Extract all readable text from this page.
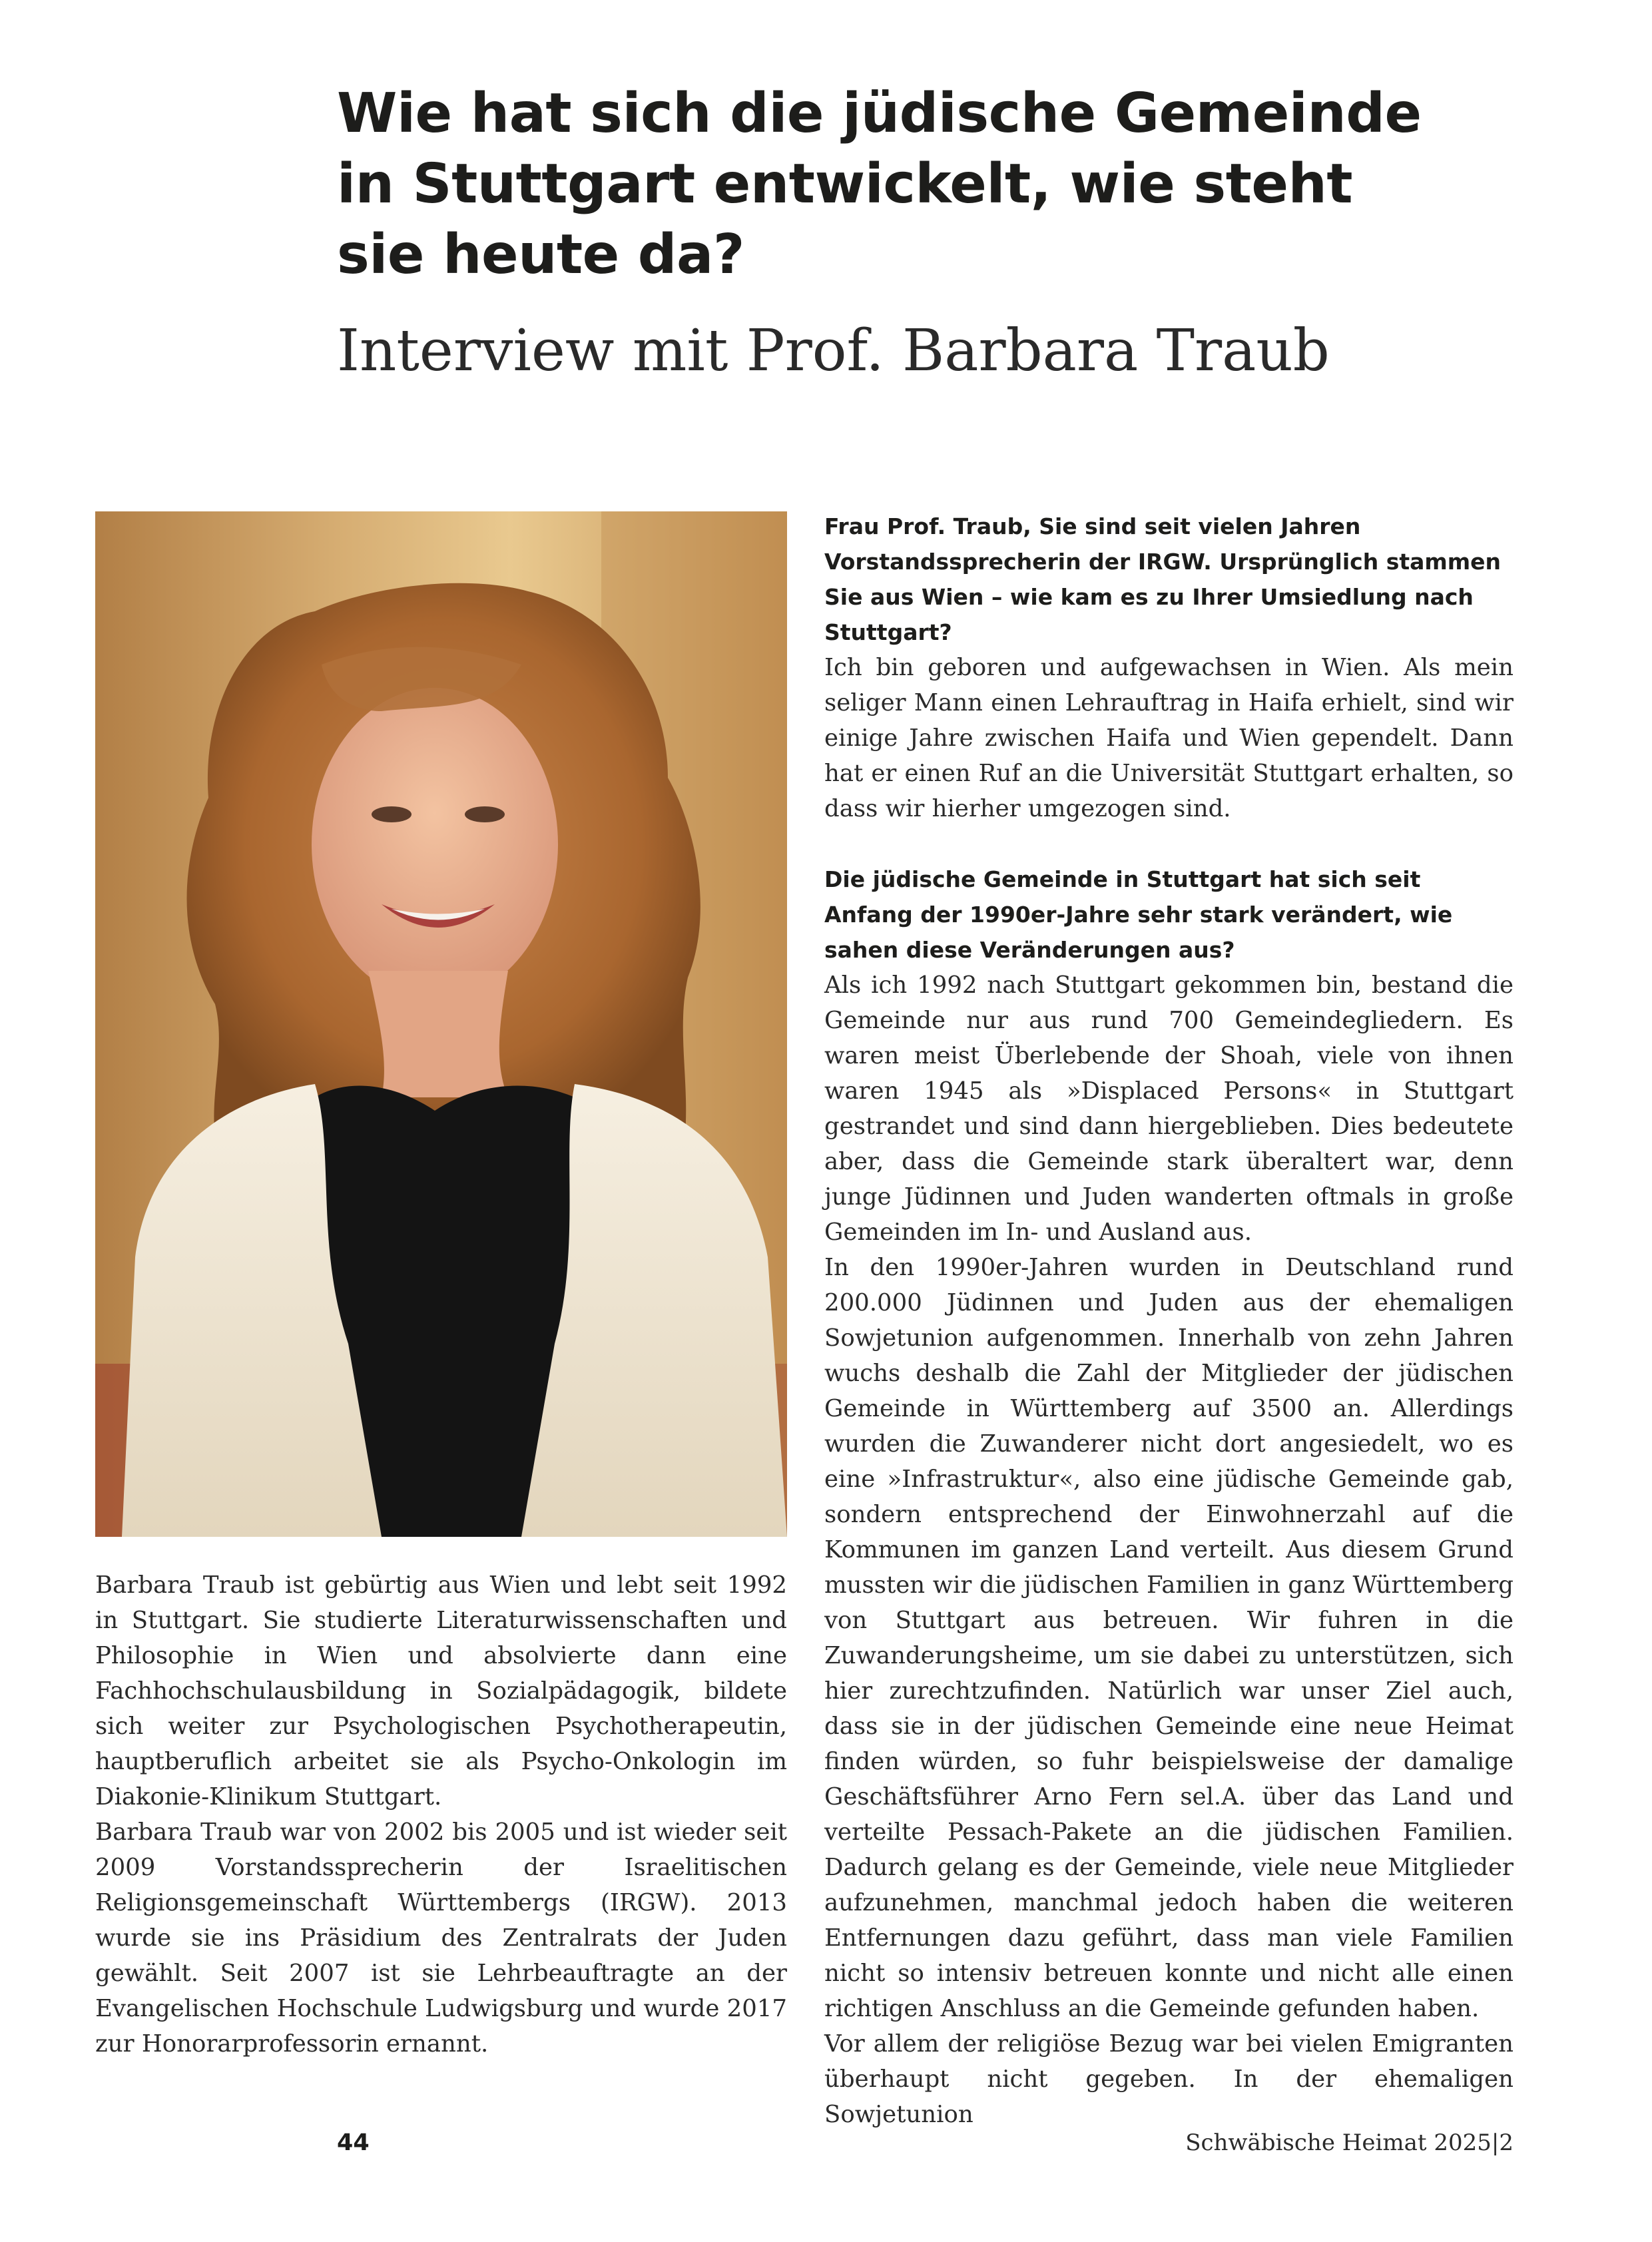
Wie hat sich die jüdische Gemeinde
in Stuttgart entwickelt, wie steht
sie heute da?
Interview mit Prof. Barbara Traub

Barbara Traub ist gebürtig aus Wien und lebt seit 1992 in Stuttgart. Sie studierte Literaturwissenschaften und Philosophie in Wien und absolvierte dann eine Fachhochschulausbildung in Sozialpädagogik, bildete sich weiter zur Psychologischen Psychotherapeutin, hauptberuflich arbeitet sie als Psycho-Onkologin im Diakonie-Klinikum Stuttgart.

Barbara Traub war von 2002 bis 2005 und ist wieder seit 2009 Vorstandssprecherin der Israelitischen Religionsgemeinschaft Württembergs (IRGW). 2013 wurde sie ins Präsidium des Zentralrats der Juden gewählt. Seit 2007 ist sie Lehrbeauftragte an der Evangelischen Hochschule Ludwigsburg und wurde 2017 zur Honorarprofessorin ernannt.

Frau Prof. Traub, Sie sind seit vielen Jahren Vorstandssprecherin der IRGW. Ursprünglich stammen Sie aus Wien – wie kam es zu Ihrer Umsiedlung nach Stuttgart?

Ich bin geboren und aufgewachsen in Wien. Als mein seliger Mann einen Lehrauftrag in Haifa erhielt, sind wir einige Jahre zwischen Haifa und Wien gependelt. Dann hat er einen Ruf an die Universität Stuttgart erhalten, so dass wir hierher umgezogen sind.

Die jüdische Gemeinde in Stuttgart hat sich seit Anfang der 1990er-Jahre sehr stark verändert, wie sahen diese Veränderungen aus?

Als ich 1992 nach Stuttgart gekommen bin, bestand die Gemeinde nur aus rund 700 Gemeindegliedern. Es waren meist Überlebende der Shoah, viele von ihnen waren 1945 als »Displaced Persons« in Stuttgart gestrandet und sind dann hiergeblieben. Dies bedeutete aber, dass die Gemeinde stark überaltert war, denn junge Jüdinnen und Juden wanderten oftmals in große Gemeinden im In- und Ausland aus.

In den 1990er-Jahren wurden in Deutschland rund 200.000 Jüdinnen und Juden aus der ehemaligen Sowjetunion aufgenommen. Innerhalb von zehn Jahren wuchs deshalb die Zahl der Mitglieder der jüdischen Gemeinde in Württemberg auf 3500 an. Allerdings wurden die Zuwanderer nicht dort angesiedelt, wo es eine »Infrastruktur«, also eine jüdische Gemeinde gab, sondern entsprechend der Einwohnerzahl auf die Kommunen im ganzen Land verteilt. Aus diesem Grund mussten wir die jüdischen Familien in ganz Württemberg von Stuttgart aus betreuen. Wir fuhren in die Zuwanderungsheime, um sie dabei zu unterstützen, sich hier zurechtzufinden. Natürlich war unser Ziel auch, dass sie in der jüdischen Gemeinde eine neue Heimat finden würden, so fuhr beispielsweise der damalige Geschäftsführer Arno Fern sel.A. über das Land und verteilte Pessach-Pakete an die jüdischen Familien. Dadurch gelang es der Gemeinde, viele neue Mitglieder aufzunehmen, manchmal jedoch haben die weiteren Entfernungen dazu geführt, dass man viele Familien nicht so intensiv betreuen konnte und nicht alle einen richtigen Anschluss an die Gemeinde gefunden haben.

Vor allem der religiöse Bezug war bei vielen Emigranten überhaupt nicht gegeben. In der ehemaligen Sowjetunion

44	Schwäbische Heimat 2025|2
